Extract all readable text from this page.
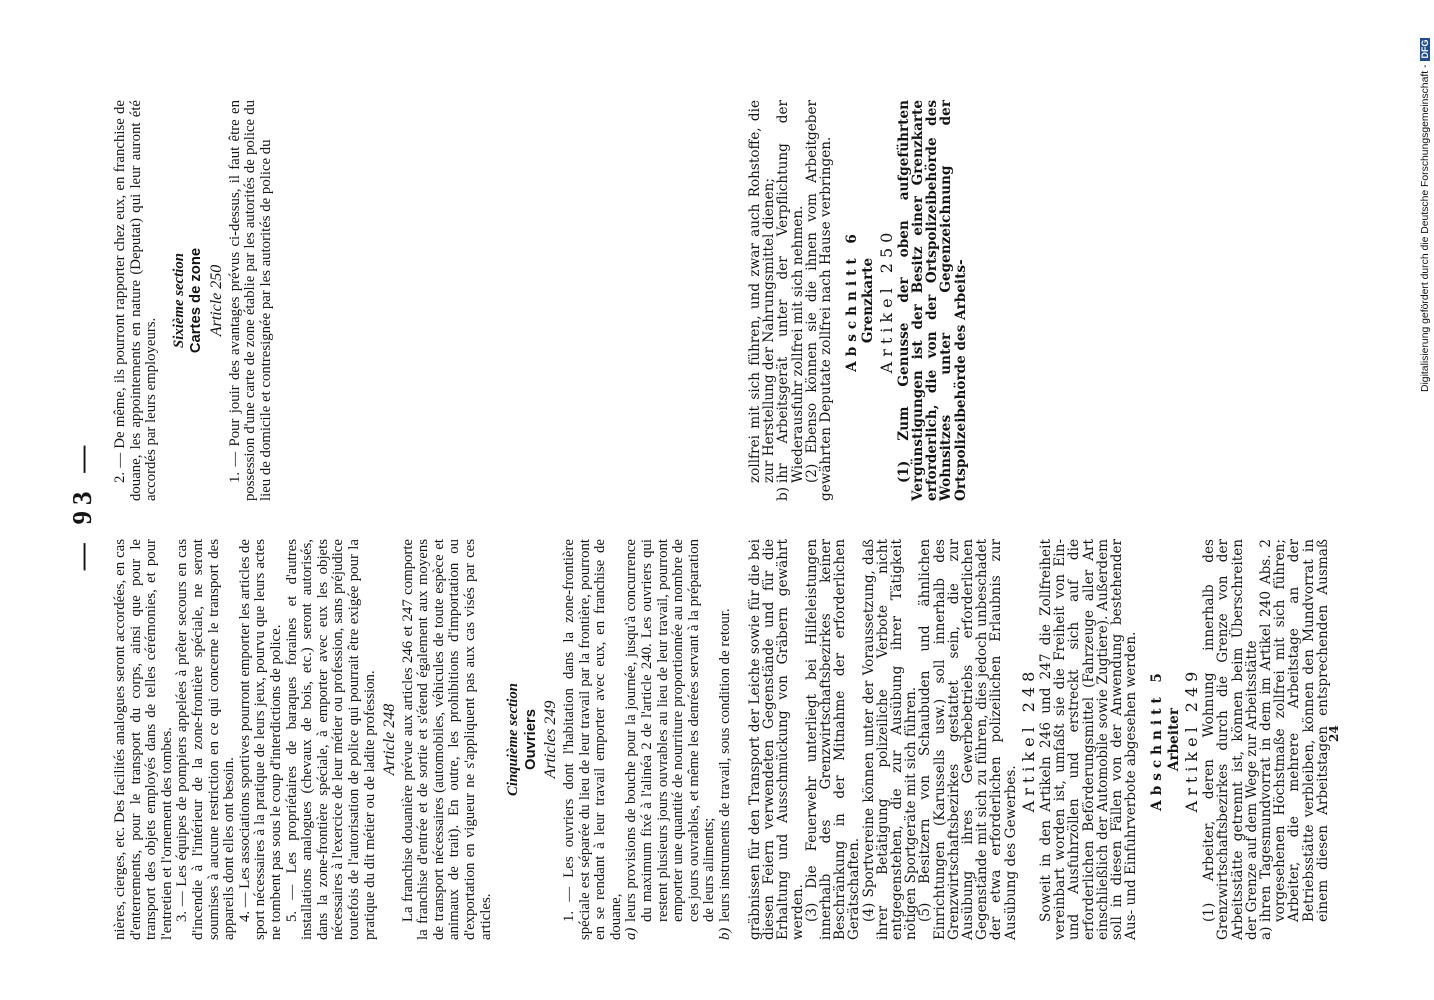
— 93 —

nières, cierges, etc. Des facilités analogues seront accordées, en cas d'enterrements, pour le transport du corps, ainsi que pour le transport des objets employés dans de telles cérémonies, et pour l'entretien et l'ornement des tombes. 3. — Les équipes de pompiers appelées à prêter secours en cas d'incendie à l'intérieur de la zone-frontière spéciale, ne seront soumises à aucune restriction en ce qui concerne le transport des appareils dont elles ont besoin. 4. — Les associations sportives pourront emporter les articles de sport nécessaires à la pratique de leurs jeux, pourvu que leurs actes ne tombent pas sous le coup d'interdictions de police. 5. — Les propriétaires de baraques foraines et d'autres installations analogues (chevaux de bois, etc.) seront autorisés, dans la zone-frontière spéciale, à emporter avec eux les objets nécessaires à l'exercice de leur métier ou profession, sans préjudice toutefois de l'autorisation de police qui pourrait être exigée pour la pratique du dit métier ou de ladite profession. Article 248 La franchise douanière prévue aux articles 246 et 247 comporte la franchise d'entrée et de sortie et s'étend également aux moyens de transport nécessaires (automobiles, véhicules de toute espèce et animaux de trait). En outre, les prohibitions d'importation ou d'exportation en vigueur ne s'appliquent pas aux cas visés par ces articles.

Cinquième section Ouvriers Articles 249 1. — Les ouvriers dont l'habitation dans la zone-frontière spéciale est séparée du lieu de leur travail par la frontière, pourront en se rendant à leur travail emporter avec eux, en franchise de douane, a)leurs provisions de bouche pour la journée, jusqu'à concurrence du maximum fixé à l'alinéa 2 de l'article 240. Les ouvriers qui restent plusieurs jours ouvrables au lieu de leur travail, pourront emporter une quantité de nourriture proportionnée au nombre de ces jours ouvrables, et même les denrées servant à la préparation de leurs aliments;

b)leurs instruments de travail, sous condition de retour.

2. — De même, ils pourront rapporter chez eux, en franchise de douane, les appointements en nature (Deputat) qui leur auront été accordés par leurs employeurs.

Sixième section Cartes de zone Article 250 1. — Pour jouir des avantages prévus ci-dessus, il faut être en possession d'une carte de zone établie par les autorités de police du lieu de domicile et contresignée par les autorités de police du

gräbnissen für den Transport der Leiche sowie für die bei diesen Feiern verwendeten Gegenstände und für die Erhaltung und Ausschmückung von Gräbern gewährt werden.

(3) Die Feuerwehr unterliegt bei Hilfeleistungen innerhalb des Grenzwirtschaftsbezirkes keiner Beschränkung in der Mitnahme der erforderlichen Gerätschaften.

(4) Sportvereine können unter der Voraussetzung, daß ihrer Betätigung polizeiliche Verbote nicht entgegenstehen, die zur Ausübung ihrer Tätigkeit nötigen Sportgeräte mit sich führen.

(5) Besitzern von Schaubuden und ähnlichen Einrichtungen (Karussells usw.) soll innerhalb des Grenzwirtschaftsbezirkes gestattet sein, die zur Ausübung ihres Gewerbebetriebs erforderlichen Gegenstände mit sich zu führen, dies jedoch unbeschadet der etwa erforderlichen polizeilichen Erlaubnis zur Ausübung des Gewerbes.

Artikel 248 Soweit in den Artikeln 246 und 247 die Zollfreiheit vereinbart worden ist, umfaßt sie die Freiheit von Ein- und Ausfuhrzöllen und erstreckt sich auf die erforderlichen Beförderungsmittel (Fahrzeuge aller Art einschließlich der Automobile sowie Zugtiere). Außerdem soll in diesen Fällen von der Anwendung bestehender Aus- und Einfuhrverbote abgesehen werden. Abschnitt 5 Arbeiter Artikel 249 (1) Arbeiter, deren Wohnung innerhalb des Grenzwirtschaftsbezirkes durch die Grenze von der Arbeitsstätte getrennt ist, können beim Überschreiten der Grenze auf dem Wege zur Arbeitsstätte

a)ihren Tagesmundvorrat in dem im Artikel 240 Abs. 2 vorgesehenen Höchstmaße zollfrei mit sich führen; Arbeiter, die mehrere Arbeitstage an der Betriebsstätte verbleiben, können den Mundvorrat in einem diesen Arbeitstagen entsprechenden Ausmaß zollfrei mit sich führen, und zwar auch Rohstoffe, die zur Herstellung der Nahrungsmittel dienen;

b)ihr Arbeitsgerät unter der Verpflichtung der Wiederausfuhr zollfrei mit sich nehmen.

(2) Ebenso können sie die ihnen vom Arbeitgeber gewährten Deputate zollfrei nach Hause verbringen. Abschnitt 6 Grenzkarte Artikel 250 (1) Zum Genusse der oben aufgeführten Vergünstigungen ist der Besitz einer Grenzkarte erforderlich, die von der Ortspolizeibehörde des Wohnsitzes unter Gegenzeichnung der Ortspolizeibehörde des Arbeits-

24
Digitalisierung gefördert durch die Deutsche Forschungsgemeinschaft -DFG
